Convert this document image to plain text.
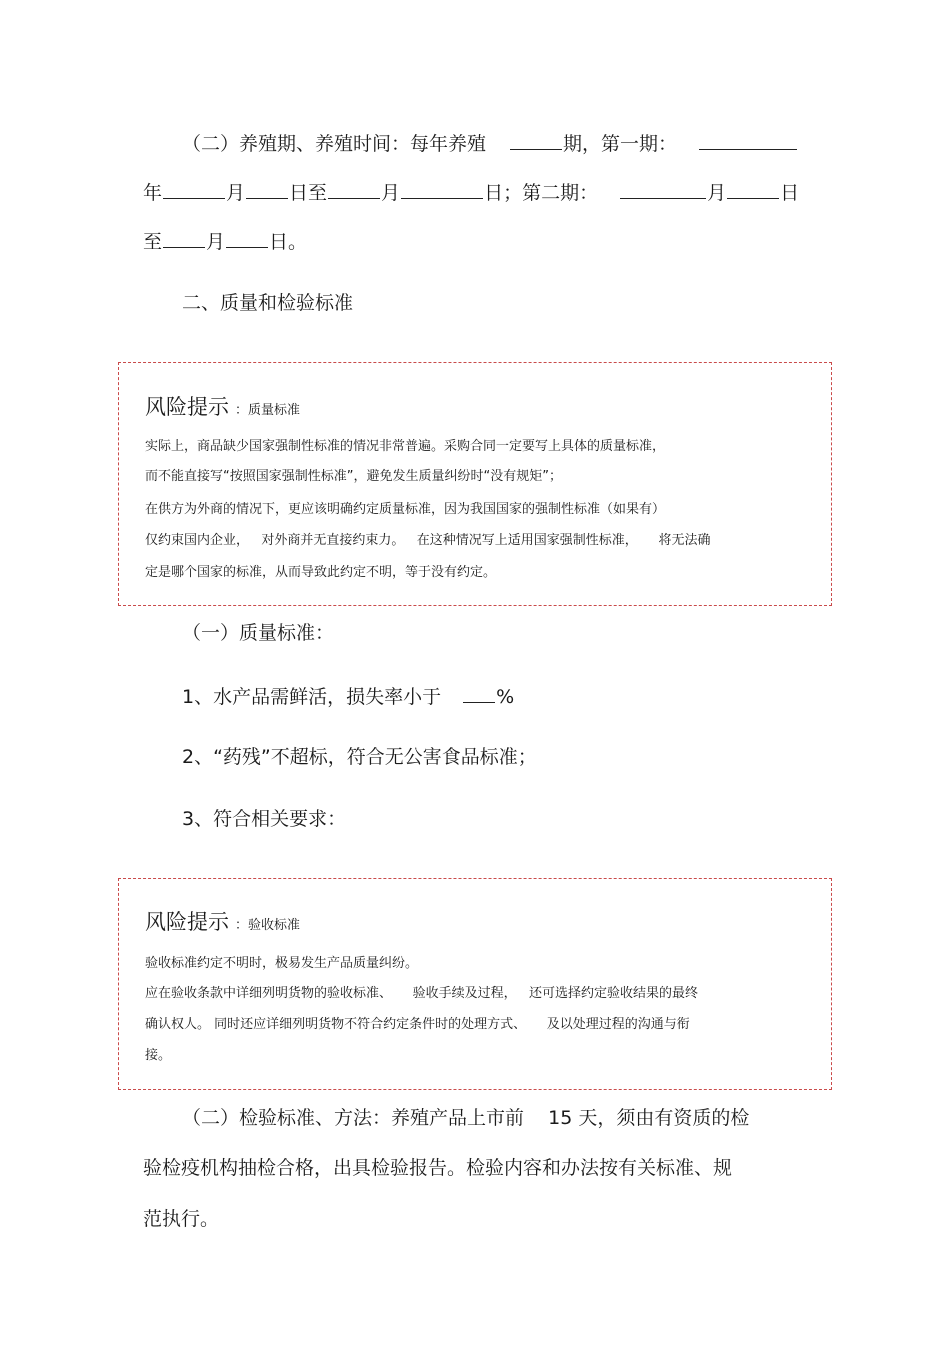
（二）养殖期、养殖时间：每年养殖	期，第一期：
年	月 日至	月	日；第二期：	月	日
至 月 日。
二、质量和检验标准
风险提示 ：质量标准
实际上，商品缺少国家强制性标准的情况非常普遍。采购合同一定要写上具体的质量标准，
而不能直接写“按照国家强制性标准”，避免发生质量纠纷时“没有规矩”；
在供方为外商的情况下，更应该明确约定质量标准，因为我国国家的强制性标准（如果有）
仅约束国内企业，   对外商并无直接约束力。   在这种情况写上适用国家强制性标准，     将无法确
定是哪个国家的标准，从而导致此约定不明，等于没有约定。
（一）质量标准：
1、水产品需鲜活，损失率小于	%
2、“药残”不超标，符合无公害食品标准；
3、符合相关要求：
风险提示 ：验收标准
验收标准约定不明时，极易发生产品质量纠纷。
应在验收条款中详细列明货物的验收标准、     验收手续及过程，   还可选择约定验收结果的最终
确认权人。 同时还应详细列明货物不符合约定条件时的处理方式、     及以处理过程的沟通与衔
接。
（二）检验标准、方法：养殖产品上市前    15 天，须由有资质的检
验检疫机构抽检合格，出具检验报告。检验内容和办法按有关标准、规
范执行。
